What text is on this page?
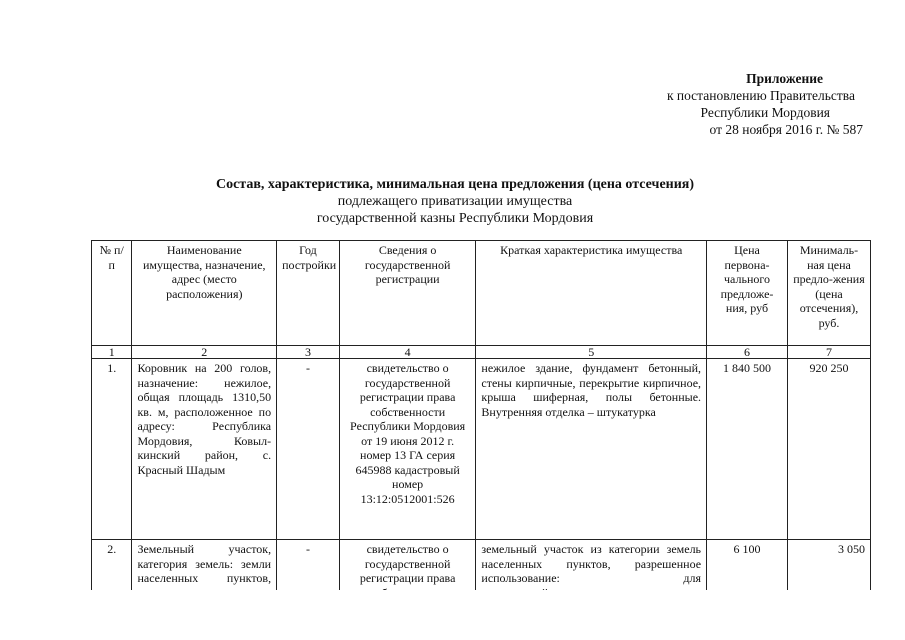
Приложение
к постановлению Правительства
Республики Мордовия
от 28 ноября 2016 г. № 587
Состав, характеристика, минимальная цена предложения (цена отсечения)
подлежащего приватизации имущества
государственной казны Республики Мордовия
№ п/п	Наименование имущества, назначение, адрес (место расположения)	Год постройки	Сведения о государственной регистрации	Краткая характеристика имущества	Цена первона-чального предложе-ния, руб	Минималь-ная цена предло-жения (цена отсечения), руб.
1	2	3	4	5	6	7
1.	Коровник на 200 голов, назначение: нежилое, общая площадь 1310,50 кв. м, расположенное по адресу: Республика Мордовия, Ковыл-кинский район, с. Красный Шадым	-	свидетельство о государственной регистрации права собственности Республики Мордовия от 19 июня 2012 г. номер 13 ГА серия 645988 кадастровый номер 13:12:0512001:526	нежилое здание, фундамент бетонный, стены кирпичные, перекрытие кирпичное, крыша шиферная, полы бетонные. Внутренняя отделка – штукатурка	1 840 500	920 250
2.	Земельный участок, категория земель: земли населенных пунктов,	-	свидетельство о государственной регистрации права	земельный участок из категории земель населенных пунктов, разрешенное использование: для	6 100	3 050
